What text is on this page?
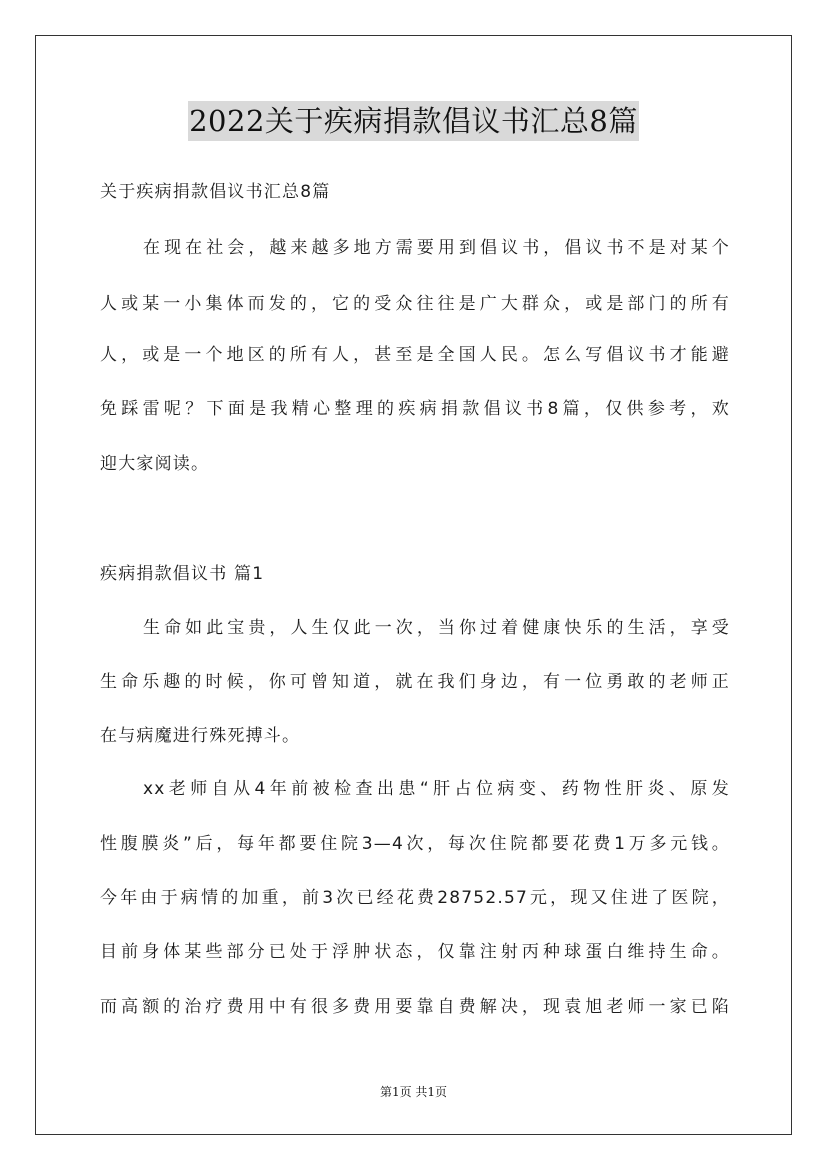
2022关于疾病捐款倡议书汇总8篇
关于疾病捐款倡议书汇总8篇
在现在社会，越来越多地方需要用到倡议书，倡议书不是对某个
人或某一小集体而发的，它的受众往往是广大群众，或是部门的所有
人，或是一个地区的所有人，甚至是全国人民。怎么写倡议书才能避
免踩雷呢？下面是我精心整理的疾病捐款倡议书8篇，仅供参考，欢
迎大家阅读。
疾病捐款倡议书 篇1
生命如此宝贵，人生仅此一次，当你过着健康快乐的生活，享受
生命乐趣的时候，你可曾知道，就在我们身边，有一位勇敢的老师正
在与病魔进行殊死搏斗。
xx老师自从4年前被检查出患“肝占位病变、药物性肝炎、原发
性腹膜炎”后，每年都要住院3—4次，每次住院都要花费1万多元钱。
今年由于病情的加重，前3次已经花费28752.57元，现又住进了医院，
目前身体某些部分已处于浮肿状态，仅靠注射丙种球蛋白维持生命。
而高额的治疗费用中有很多费用要靠自费解决，现袁旭老师一家已陷
第1页 共1页
